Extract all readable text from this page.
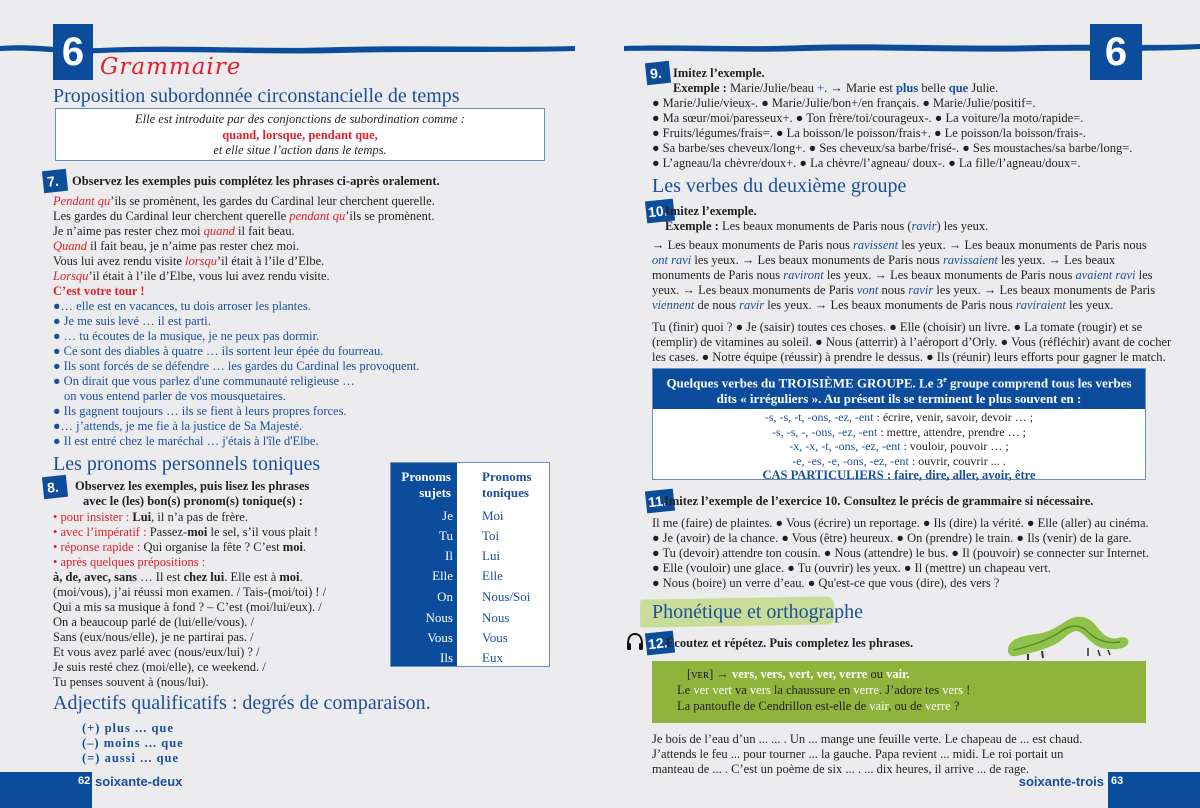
6 Grammaire
Proposition subordonnée circonstancielle de temps
Elle est introduite par des conjonctions de subordination comme :
quand, lorsque, pendant que,
et elle situe l’action dans le temps.
7. Observez les exemples puis complétez les phrases ci-après oralement.
Pendant qu’ils se promènent, les gardes du Cardinal leur cherchent querelle.
Les gardes du Cardinal leur cherchent querelle pendant qu’ils se promènent.
Je n’aime pas rester chez moi quand il fait beau.
Quand il fait beau, je n’aime pas rester chez moi.
Vous lui avez rendu visite lorsqu’il était à l’ile d’Elbe.
Lorsqu’il était à l’ile d’Elbe, vous lui avez rendu visite.
C’est votre tour !
●… elle est en vacances, tu dois arroser les plantes.
● Je me suis levé … il est parti.
● … tu écoutes de la musique, je ne peux pas dormir.
● Ce sont des diables à quatre … ils sortent leur épée du fourreau.
● Ils sont forcés de se défendre … les gardes du Cardinal les provoquent.
● On dirait que vous parlez d'une communauté religieuse …
on vous entend parler de vos mousquetaires.
● Ils gagnent toujours … ils se fient à leurs propres forces.
●… j’attends, je me fie à la justice de Sa Majesté.
● Il est entré chez le maréchal … j'étais à l'île d'Elbe.
Les pronoms personnels toniques
8.	Observez les exemples, puis lisez les phrases
avec le (les) bon(s) pronom(s) tonique(s) :
• pour insister : Lui, il n’a pas de frère.
• avec l’impératif : Passez-moi le sel, s’il vous plait !
• réponse rapide : Qui organise la fête ? C’est moi.
• après quelques prépositions :
à, de, avec, sans … Il est chez lui. Elle est à moi.
(moi/vous), j’ai réussi mon examen. / Tais-(moi/toi) ! /
Qui a mis sa musique à fond ? – C’est (moi/lui/eux). /
On a beaucoup parlé de (lui/elle/vous). /
Sans (eux/nous/elle), je ne partirai pas. /
Et vous avez parlé avec (nous/eux/lui) ? /
Je suis resté chez (moi/elle), ce weekend. /
Tu penses souvent à (nous/lui).
Pronoms
sujets
Pronoms
toniques
Je Moi
Tu Toi
Il Lui
Elle Elle
On Nous/Soi
Nous Nous
Vous Vous
Ils Eux
Adjectifs qualificatifs : degrés de comparaison.
(+) plus ... que
(–) moins ... que
(=) aussi ... que
62 soixante-deux
6
9. Imitez l’exemple.
Exemple : Marie/Julie/beau +. → Marie est plus belle que Julie.
● Marie/Julie/vieux-. ● Marie/Julie/bon+/en français. ● Marie/Julie/positif=.
● Ma sœur/moi/paresseux+. ● Ton frère/toi/courageux-. ● La voiture/la moto/rapide=.
● Fruits/légumes/frais=. ● La boisson/le poisson/frais+. ● Le poisson/la boisson/frais-.
● Sa barbe/ses cheveux/long+. ● Ses cheveux/sa barbe/frisé-. ● Ses moustaches/sa barbe/long=.
● L’agneau/la chèvre/doux+. ● La chèvre/l’agneau/ doux-. ● La fille/l’agneau/doux=.
Les verbes du deuxième groupe
10.
Imitez l’exemple.
Exemple : Les beaux monuments de Paris nous (ravir) les yeux.
→ Les beaux monuments de Paris nous ravissent les yeux. → Les beaux monuments de Paris nous
ont ravi les yeux. → Les beaux monuments de Paris nous ravissaient les yeux. → Les beaux
monuments de Paris nous raviront les yeux. → Les beaux monuments de Paris nous avaient ravi les
yeux. → Les beaux monuments de Paris vont nous ravir les yeux. → Les beaux monuments de Paris
viennent de nous ravir les yeux. → Les beaux monuments de Paris nous raviraient les yeux.
Tu (finir) quoi ? ● Je (saisir) toutes ces choses. ● Elle (choisir) un livre. ● La tomate (rougir) et se
(remplir) de vitamines au soleil. ● Nous (atterrir) à l’aéroport d’Orly. ● Vous (réfléchir) avant de cocher
les cases. ● Notre équipe (réussir) à prendre le dessus. ● Ils (réunir) leurs efforts pour gagner le match.
Quelques verbes du TROISIÈME GROUPE. Le 3e groupe comprend tous les verbes
dits « irréguliers ». Au présent ils se terminent le plus souvent en :
-s, -s, -t, -ons, -ez, -ent : écrire, venir, savoir, devoir … ;
-s, -s, -, -ons, -ez, -ent : mettre, attendre, prendre … ;
-x, -x, -t, -ons, -ez, -ent : vouloir, pouvoir … ;
-e, -es, -e, -ons, -ez, -ent : ouvrir, couvrir ... .
CAS PARTICULIERS : faire, dire, aller, avoir, être
11.
Imitez l’exemple de l’exercice 10. Consultez le précis de grammaire si nécessaire.
Il me (faire) de plaintes. ● Vous (écrire) un reportage. ● Ils (dire) la vérité. ● Elle (aller) au cinéma.
● Je (avoir) de la chance. ● Vous (être) heureux. ● On (prendre) le train. ● Ils (venir) de la gare.
● Tu (devoir) attendre ton cousin. ● Nous (attendre) le bus. ● Il (pouvoir) se connecter sur Internet.
● Elle (vouloir) une glace. ● Tu (ouvrir) les yeux. ● Il (mettre) un chapeau vert.
● Nous (boire) un verre d’eau. ● Qu'est-ce que vous (dire), des vers ?
Phonétique et orthographe
12.
Écoutez et répétez. Puis completez les phrases.
[vᴇʀ] → vers, vers, vert, ver, verre ou vair.
Le ver vert va vers la chaussure en verre. J’adore tes vers !
La pantoufle de Cendrillon est-elle de vair, ou de verre ?
Je bois de l’eau d’un ... ... . Un ... mange une feuille verte. Le chapeau de ... est chaud.
J’attends le feu ... pour tourner ... la gauche. Papa revient ... midi. Le roi portait un
manteau de ... . C’est un poème de six ... . ... dix heures, il arrive ... de rage.
soixante-trois 63
